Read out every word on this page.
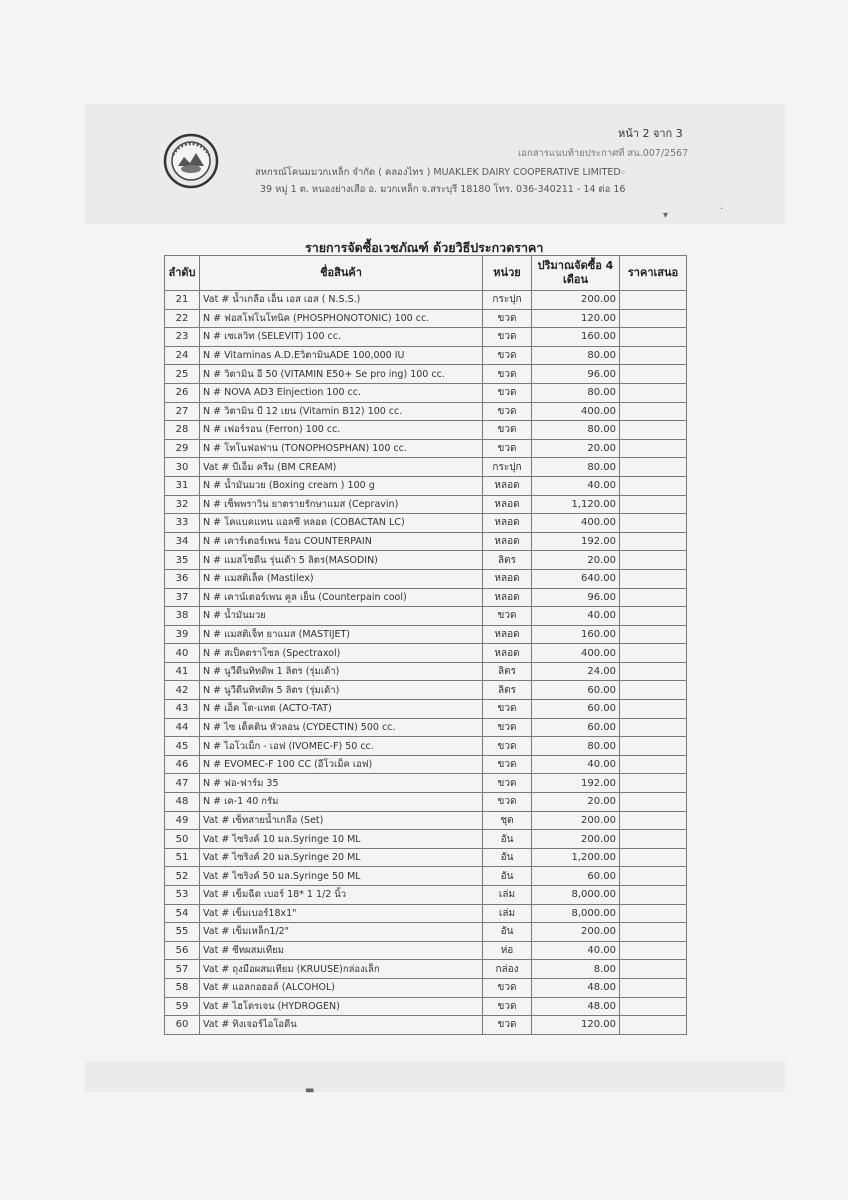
หน้า 2 จาก 3
เอกสารแนบท้ายประกาศที่ สน.007/2567
สหกรณ์โคนมมวกเหล็ก จำกัด ( คลองไทร ) MUAKLEK DAIRY COOPERATIVE LIMITED
39 หมู่ 1 ต. หนองย่างเสือ อ. มวกเหล็ก จ.สระบุรี 18180 โทร. 036-340211 - 14 ต่อ 16
◦
▾
·
▬
รายการจัดซื้อเวชภัณฑ์ ด้วยวิธีประกวดราคา
ลำดับ	ชื่อสินค้า	หน่วย	ปริมาณจัดซื้อ 4 เดือน	ราคาเสนอ
21	Vat # น้ำเกลือ เอ็น เอส เอส ( N.S.S.)	กระปุก	200.00	
22	N # ฟอสโฟโนโทนิค (PHOSPHONOTONIC) 100 cc.	ขวด	120.00	
23	N # เซเลวิท (SELEVIT) 100 cc.	ขวด	160.00	
24	N # Vitaminas A.D.EวิตามินADE 100,000 IU	ขวด	80.00	
25	N # วิตามิน อี 50 (VITAMIN E50+ Se pro ing) 100 cc.	ขวด	96.00	
26	N # NOVA AD3 Elnjection 100 cc.	ขวด	80.00	
27	N # วิตามิน บี 12 เยน (Vitamin B12) 100 cc.	ขวด	400.00	
28	N # เฟอร์รอน (Ferron) 100 cc.	ขวด	80.00	
29	N # โทโนฟอฟาน (TONOPHOSPHAN) 100 cc.	ขวด	20.00	
30	Vat # บีเอ็ม ครีม (BM CREAM)	กระปุก	80.00	
31	N # น้ำมันมวย (Boxing cream ) 100 g	หลอด	40.00	
32	N # เซ็พพราวิน ยาตรายรักษาแมส (Cepravin)	หลอด	1,120.00	
33	N # โคแบคแทน แอลซี หลอด (COBACTAN LC)	หลอด	400.00	
34	N # เคาร์เตอร์เพน ร้อน COUNTERPAIN	หลอด	192.00	
35	N # แมสโซดีน รุ่นเด้า 5 ลิตร(MASODIN)	ลิตร	20.00	
36	N # แมสติเล็ค (Mastilex)	หลอด	640.00	
37	N # เคาน์เตอร์เพน คูล เย็น (Counterpain cool)	หลอด	96.00	
38	N # น้ำมันมวย	ขวด	40.00	
39	N # แมสติเจ็ท ยาแมส (MASTIJET)	หลอด	160.00	
40	N # สเป็คตราโซล (Spectraxol)	หลอด	400.00	
41	N # นูวีดีนทิทดิพ 1 ลิตร (รุ่มเด้า)	ลิตร	24.00	
42	N # นูวีดีนทิทดิพ 5 ลิตร (รุ่มเด้า)	ลิตร	60.00	
43	N # เอ็ค โต-แทต (ACTO-TAT)	ขวด	60.00	
44	N # ไซ เด็คติน หัวลอน (CYDECTIN) 500 cc.	ขวด	60.00	
45	N # ไอโวเม็ก - เอฟ (IVOMEC-F) 50 cc.	ขวด	80.00	
46	N # EVOMEC-F 100 CC (อีโวเม็ค เอฟ)	ขวด	40.00	
47	N # ฟอ-ฟาร์ม 35	ขวด	192.00	
48	N # เค-1 40 กรัม	ขวด	20.00	
49	Vat # เซ็ทสายน้ำเกลือ (Set)	ชุด	200.00	
50	Vat # ไซริงค์ 10 มล.Syringe 10 ML	อัน	200.00	
51	Vat # ไซริงค์ 20 มล.Syringe 20 ML	อัน	1,200.00	
52	Vat # ไซริงค์ 50 มล.Syringe 50 ML	อัน	60.00	
53	Vat # เข็มฉีด เบอร์ 18* 1 1/2 นิ้ว	เล่ม	8,000.00	
54	Vat # เข็มเบอร์18x1"	เล่ม	8,000.00	
55	Vat # เข็มเหล็ก1/2"	อัน	200.00	
56	Vat # ซีทผสมเทียม	ห่อ	40.00	
57	Vat # ถุงมือผสมเทียม (KRUUSE)กล่องเล็ก	กล่อง	8.00	
58	Vat # แอลกอฮอล์ (ALCOHOL)	ขวด	48.00	
59	Vat # ไฮโดรเจน (HYDROGEN)	ขวด	48.00	
60	Vat # ทิงเจอร์ไอโอดีน	ขวด	120.00	
